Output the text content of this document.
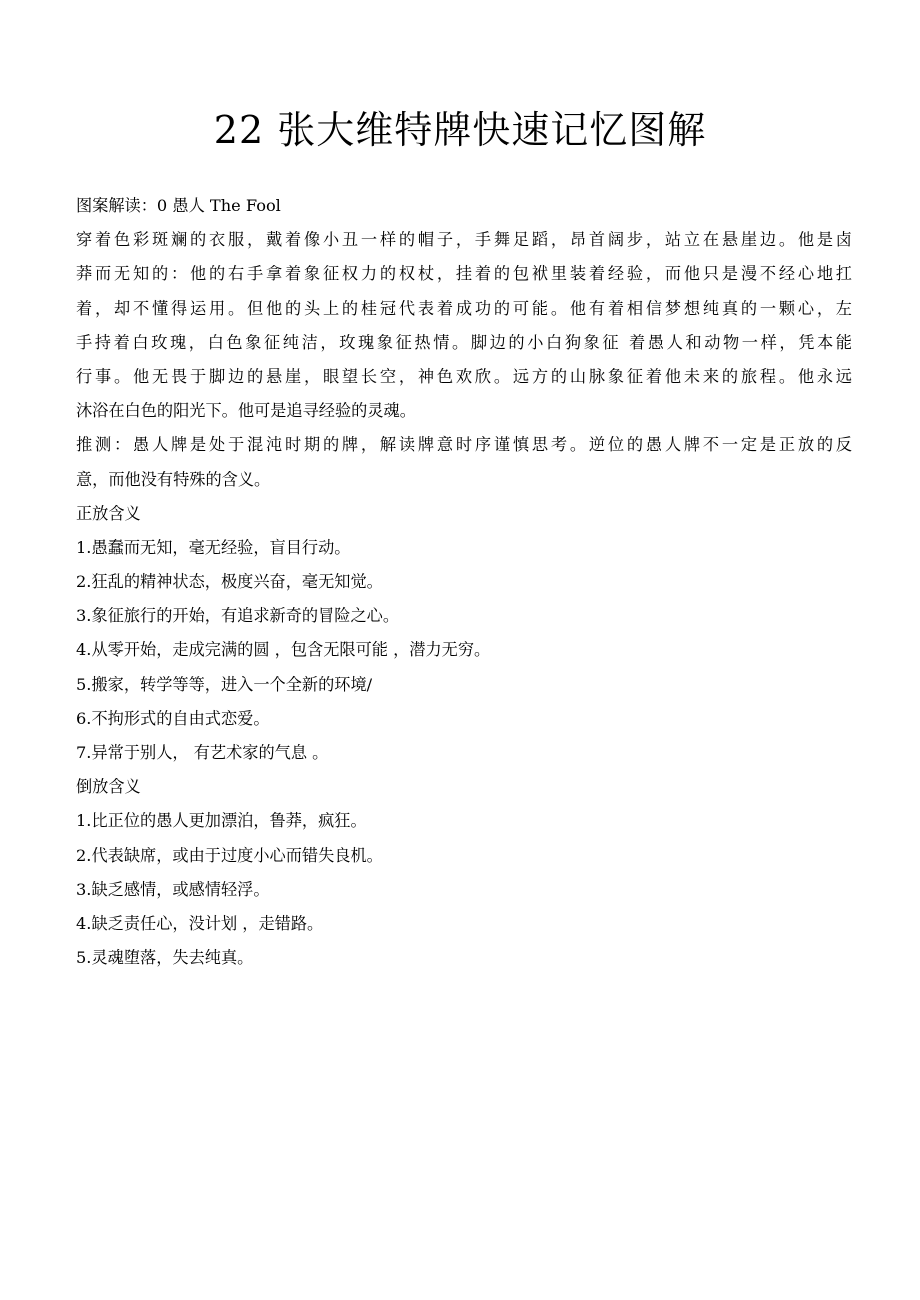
22 张大维特牌快速记忆图解
图案解读：0 愚人 The Fool
穿着色彩斑斓的衣服，戴着像小丑一样的帽子，手舞足蹈，昂首阔步，站立在悬崖边。他是卤
莽而无知的：他的右手拿着象征权力的权杖，挂着的包袱里装着经验，而他只是漫不经心地扛
着，却不懂得运用。但他的头上的桂冠代表着成功的可能。他有着相信梦想纯真的一颗心，左
手持着白玫瑰，白色象征纯洁，玫瑰象征热情。脚边的小白狗象征 着愚人和动物一样，凭本能
行事。他无畏于脚边的悬崖，眼望长空，神色欢欣。远方的山脉象征着他未来的旅程。他永远
沐浴在白色的阳光下。他可是追寻经验的灵魂。
推测：愚人牌是处于混沌时期的牌，解读牌意时序谨慎思考。逆位的愚人牌不一定是正放的反
意，而他没有特殊的含义。
正放含义
1.愚蠢而无知，毫无经验，盲目行动。
2.狂乱的精神状态，极度兴奋，毫无知觉。
3.象征旅行的开始，有追求新奇的冒险之心。
4.从零开始，走成完满的圆 ，包含无限可能 ，潜力无穷。
5.搬家，转学等等，进入一个全新的环境/
6.不拘形式的自由式恋爱。
7.异常于别人， 有艺术家的气息 。
倒放含义
1.比正位的愚人更加漂泊，鲁莽，疯狂。
2.代表缺席，或由于过度小心而错失良机。
3.缺乏感情，或感情轻浮。
4.缺乏责任心，没计划 ，走错路。
5.灵魂堕落，失去纯真。
